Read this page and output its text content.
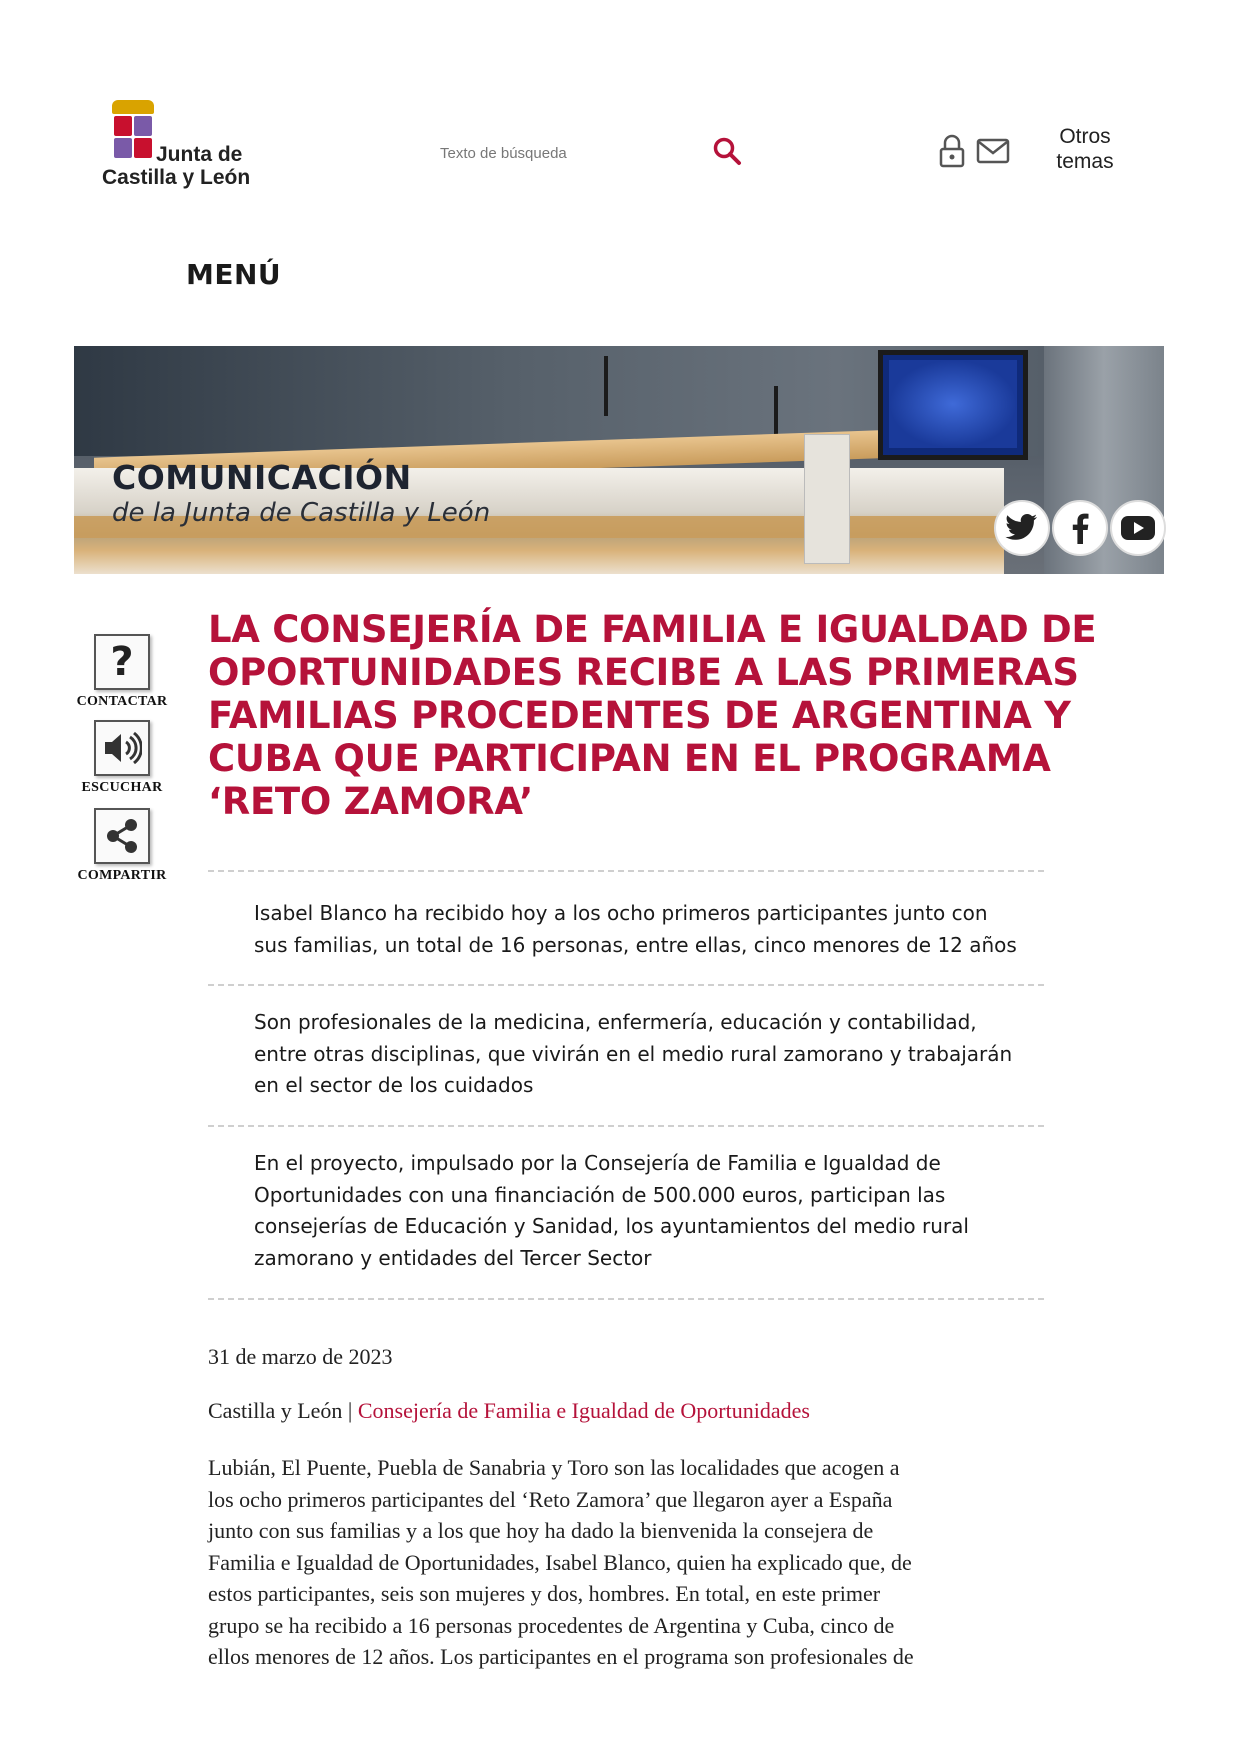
Junta de
Castilla y León
Texto de búsqueda
Otros
temas
MENÚ
COMUNICACIÓN
de la Junta de Castilla y León
?
CONTACTAR
ESCUCHAR
COMPARTIR
LA CONSEJERÍA DE FAMILIA E IGUALDAD DE
OPORTUNIDADES RECIBE A LAS PRIMERAS
FAMILIAS PROCEDENTES DE ARGENTINA Y
CUBA QUE PARTICIPAN EN EL PROGRAMA
‘RETO ZAMORA’
Isabel Blanco ha recibido hoy a los ocho primeros participantes junto con
sus familias, un total de 16 personas, entre ellas, cinco menores de 12 años
Son profesionales de la medicina, enfermería, educación y contabilidad,
entre otras disciplinas, que vivirán en el medio rural zamorano y trabajarán
en el sector de los cuidados
En el proyecto, impulsado por la Consejería de Familia e Igualdad de
Oportunidades con una financiación de 500.000 euros, participan las
consejerías de Educación y Sanidad, los ayuntamientos del medio rural
zamorano y entidades del Tercer Sector
31 de marzo de 2023
Castilla y León | Consejería de Familia e Igualdad de Oportunidades
Lubián, El Puente, Puebla de Sanabria y Toro son las localidades que acogen a
los ocho primeros participantes del ‘Reto Zamora’ que llegaron ayer a España
junto con sus familias y a los que hoy ha dado la bienvenida la consejera de
Familia e Igualdad de Oportunidades, Isabel Blanco, quien ha explicado que, de
estos participantes, seis son mujeres y dos, hombres. En total, en este primer
grupo se ha recibido a 16 personas procedentes de Argentina y Cuba, cinco de
ellos menores de 12 años. Los participantes en el programa son profesionales de
